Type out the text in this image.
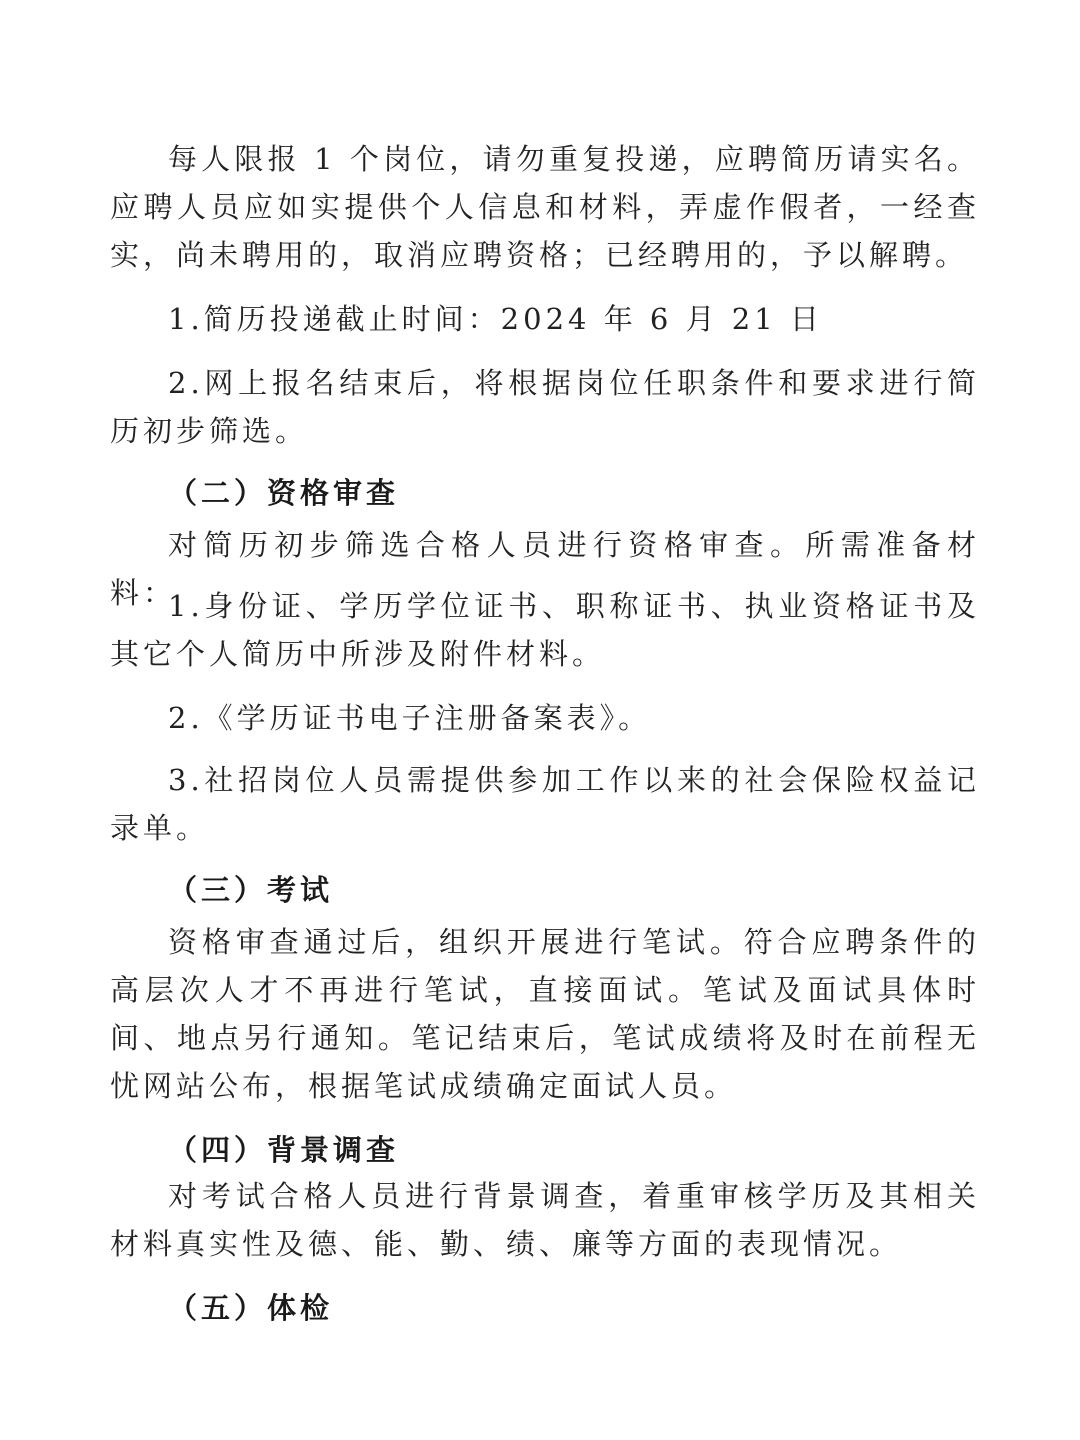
每人限报 1 个岗位，请勿重复投递，应聘简历请实名。应聘人员应如实提供个人信息和材料，弄虚作假者，一经查实，尚未聘用的，取消应聘资格；已经聘用的，予以解聘。

1.简历投递截止时间：2024 年 6 月 21 日

2.网上报名结束后，将根据岗位任职条件和要求进行简历初步筛选。

（二）资格审查

对简历初步筛选合格人员进行资格审查。所需准备材料：

1.身份证、学历学位证书、职称证书、执业资格证书及其它个人简历中所涉及附件材料。

2.《学历证书电子注册备案表》。

3.社招岗位人员需提供参加工作以来的社会保险权益记录单。

（三）考试

资格审查通过后，组织开展进行笔试。符合应聘条件的高层次人才不再进行笔试，直接面试。笔试及面试具体时间、地点另行通知。笔记结束后，笔试成绩将及时在前程无忧网站公布，根据笔试成绩确定面试人员。

（四）背景调查

对考试合格人员进行背景调查，着重审核学历及其相关材料真实性及德、能、勤、绩、廉等方面的表现情况。

（五）体检
